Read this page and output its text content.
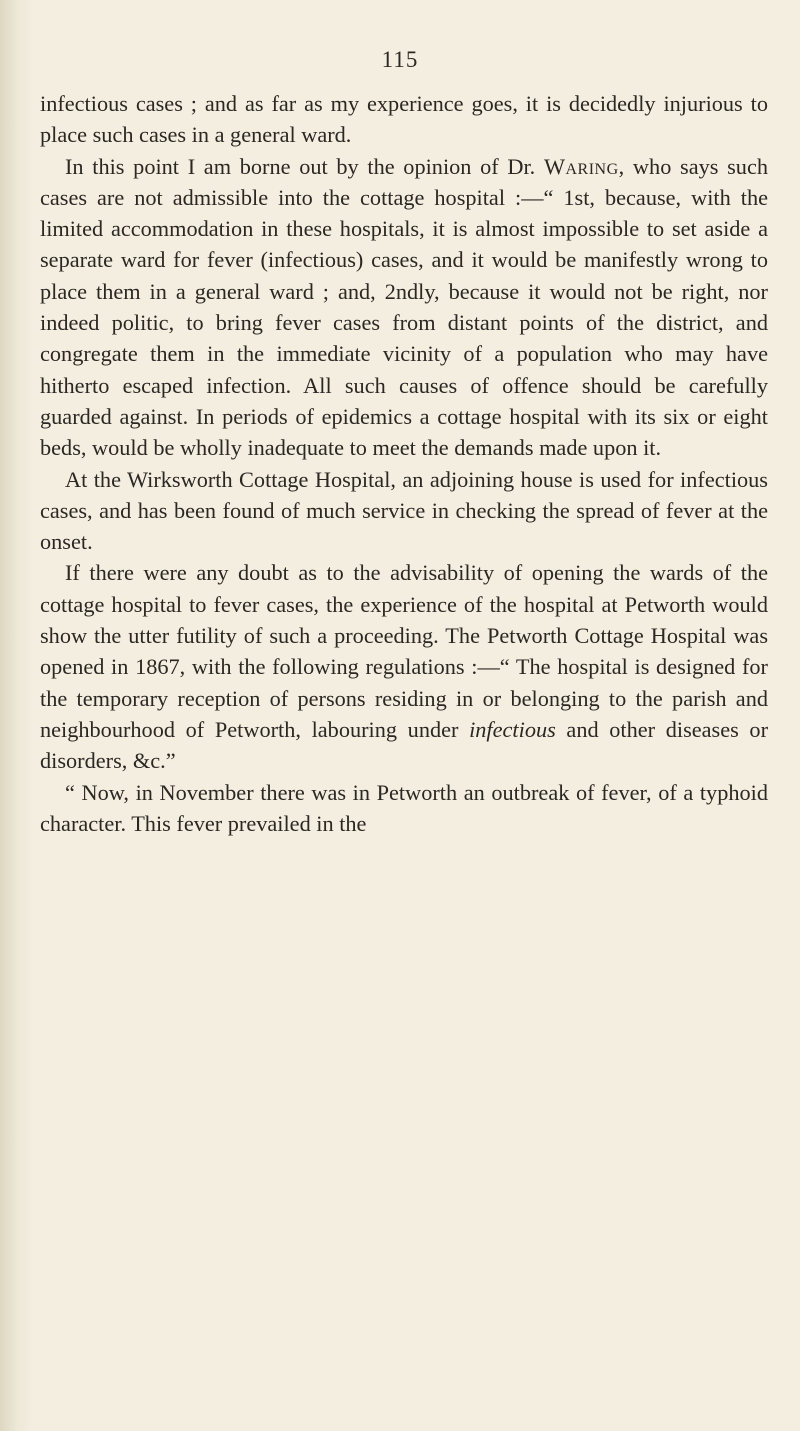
115

infectious cases ; and as far as my experience goes, it is decidedly injurious to place such cases in a general ward.

In this point I am borne out by the opinion of Dr. Waring, who says such cases are not admissible into the cottage hospital :—“ 1st, because, with the limited accommodation in these hospitals, it is almost impossible to set aside a separate ward for fever (infectious) cases, and it would be manifestly wrong to place them in a general ward ; and, 2ndly, because it would not be right, nor indeed politic, to bring fever cases from distant points of the district, and congregate them in the immediate vicinity of a population who may have hitherto escaped infection. All such causes of offence should be carefully guarded against. In periods of epidemics a cottage hospital with its six or eight beds, would be wholly inadequate to meet the demands made upon it.

At the Wirksworth Cottage Hospital, an adjoining house is used for infectious cases, and has been found of much service in checking the spread of fever at the onset.

If there were any doubt as to the advisability of opening the wards of the cottage hospital to fever cases, the experience of the hospital at Petworth would show the utter futility of such a proceeding. The Petworth Cottage Hospital was opened in 1867, with the following regulations :—“ The hospital is designed for the temporary reception of persons residing in or belonging to the parish and neighbourhood of Petworth, labouring under infectious and other diseases or disorders, &c.”

“ Now, in November there was in Petworth an outbreak of fever, of a typhoid character. This fever prevailed in the
